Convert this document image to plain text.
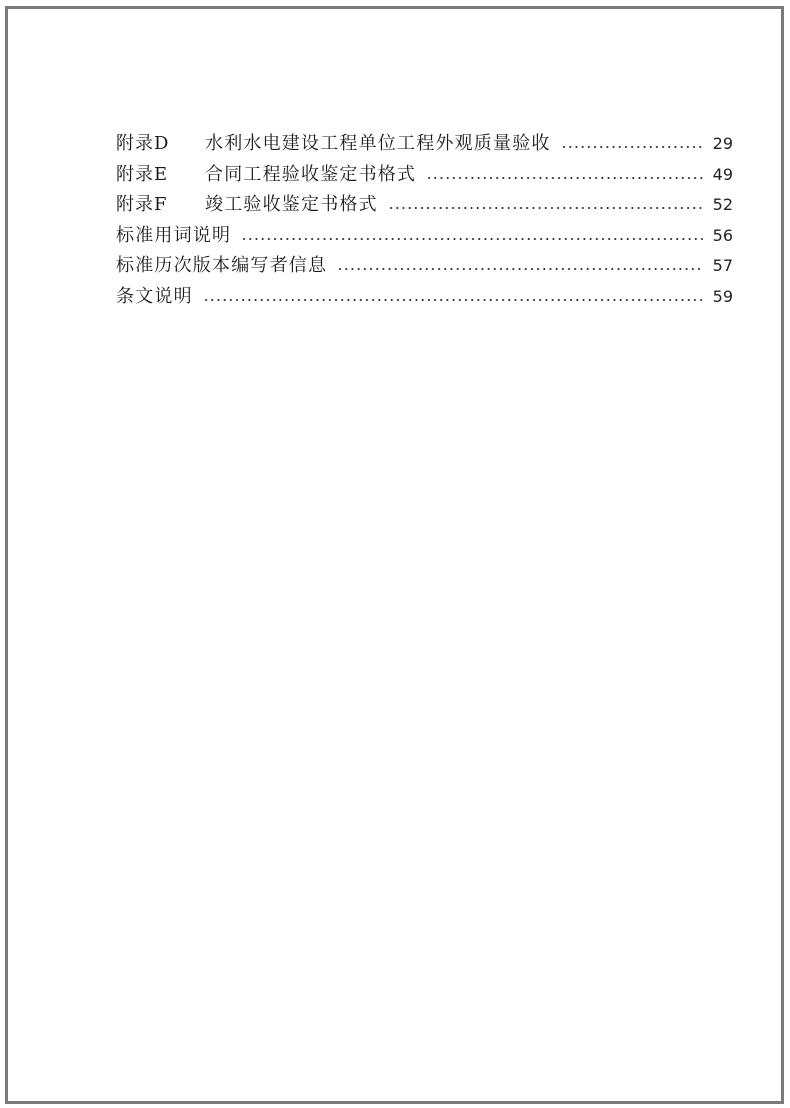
附录D	水利水电建设工程单位工程外观质量验收	29
附录E	合同工程验收鉴定书格式	49
附录F	竣工验收鉴定书格式	52
标准用词说明	56
标准历次版本编写者信息	57
条文说明	59
